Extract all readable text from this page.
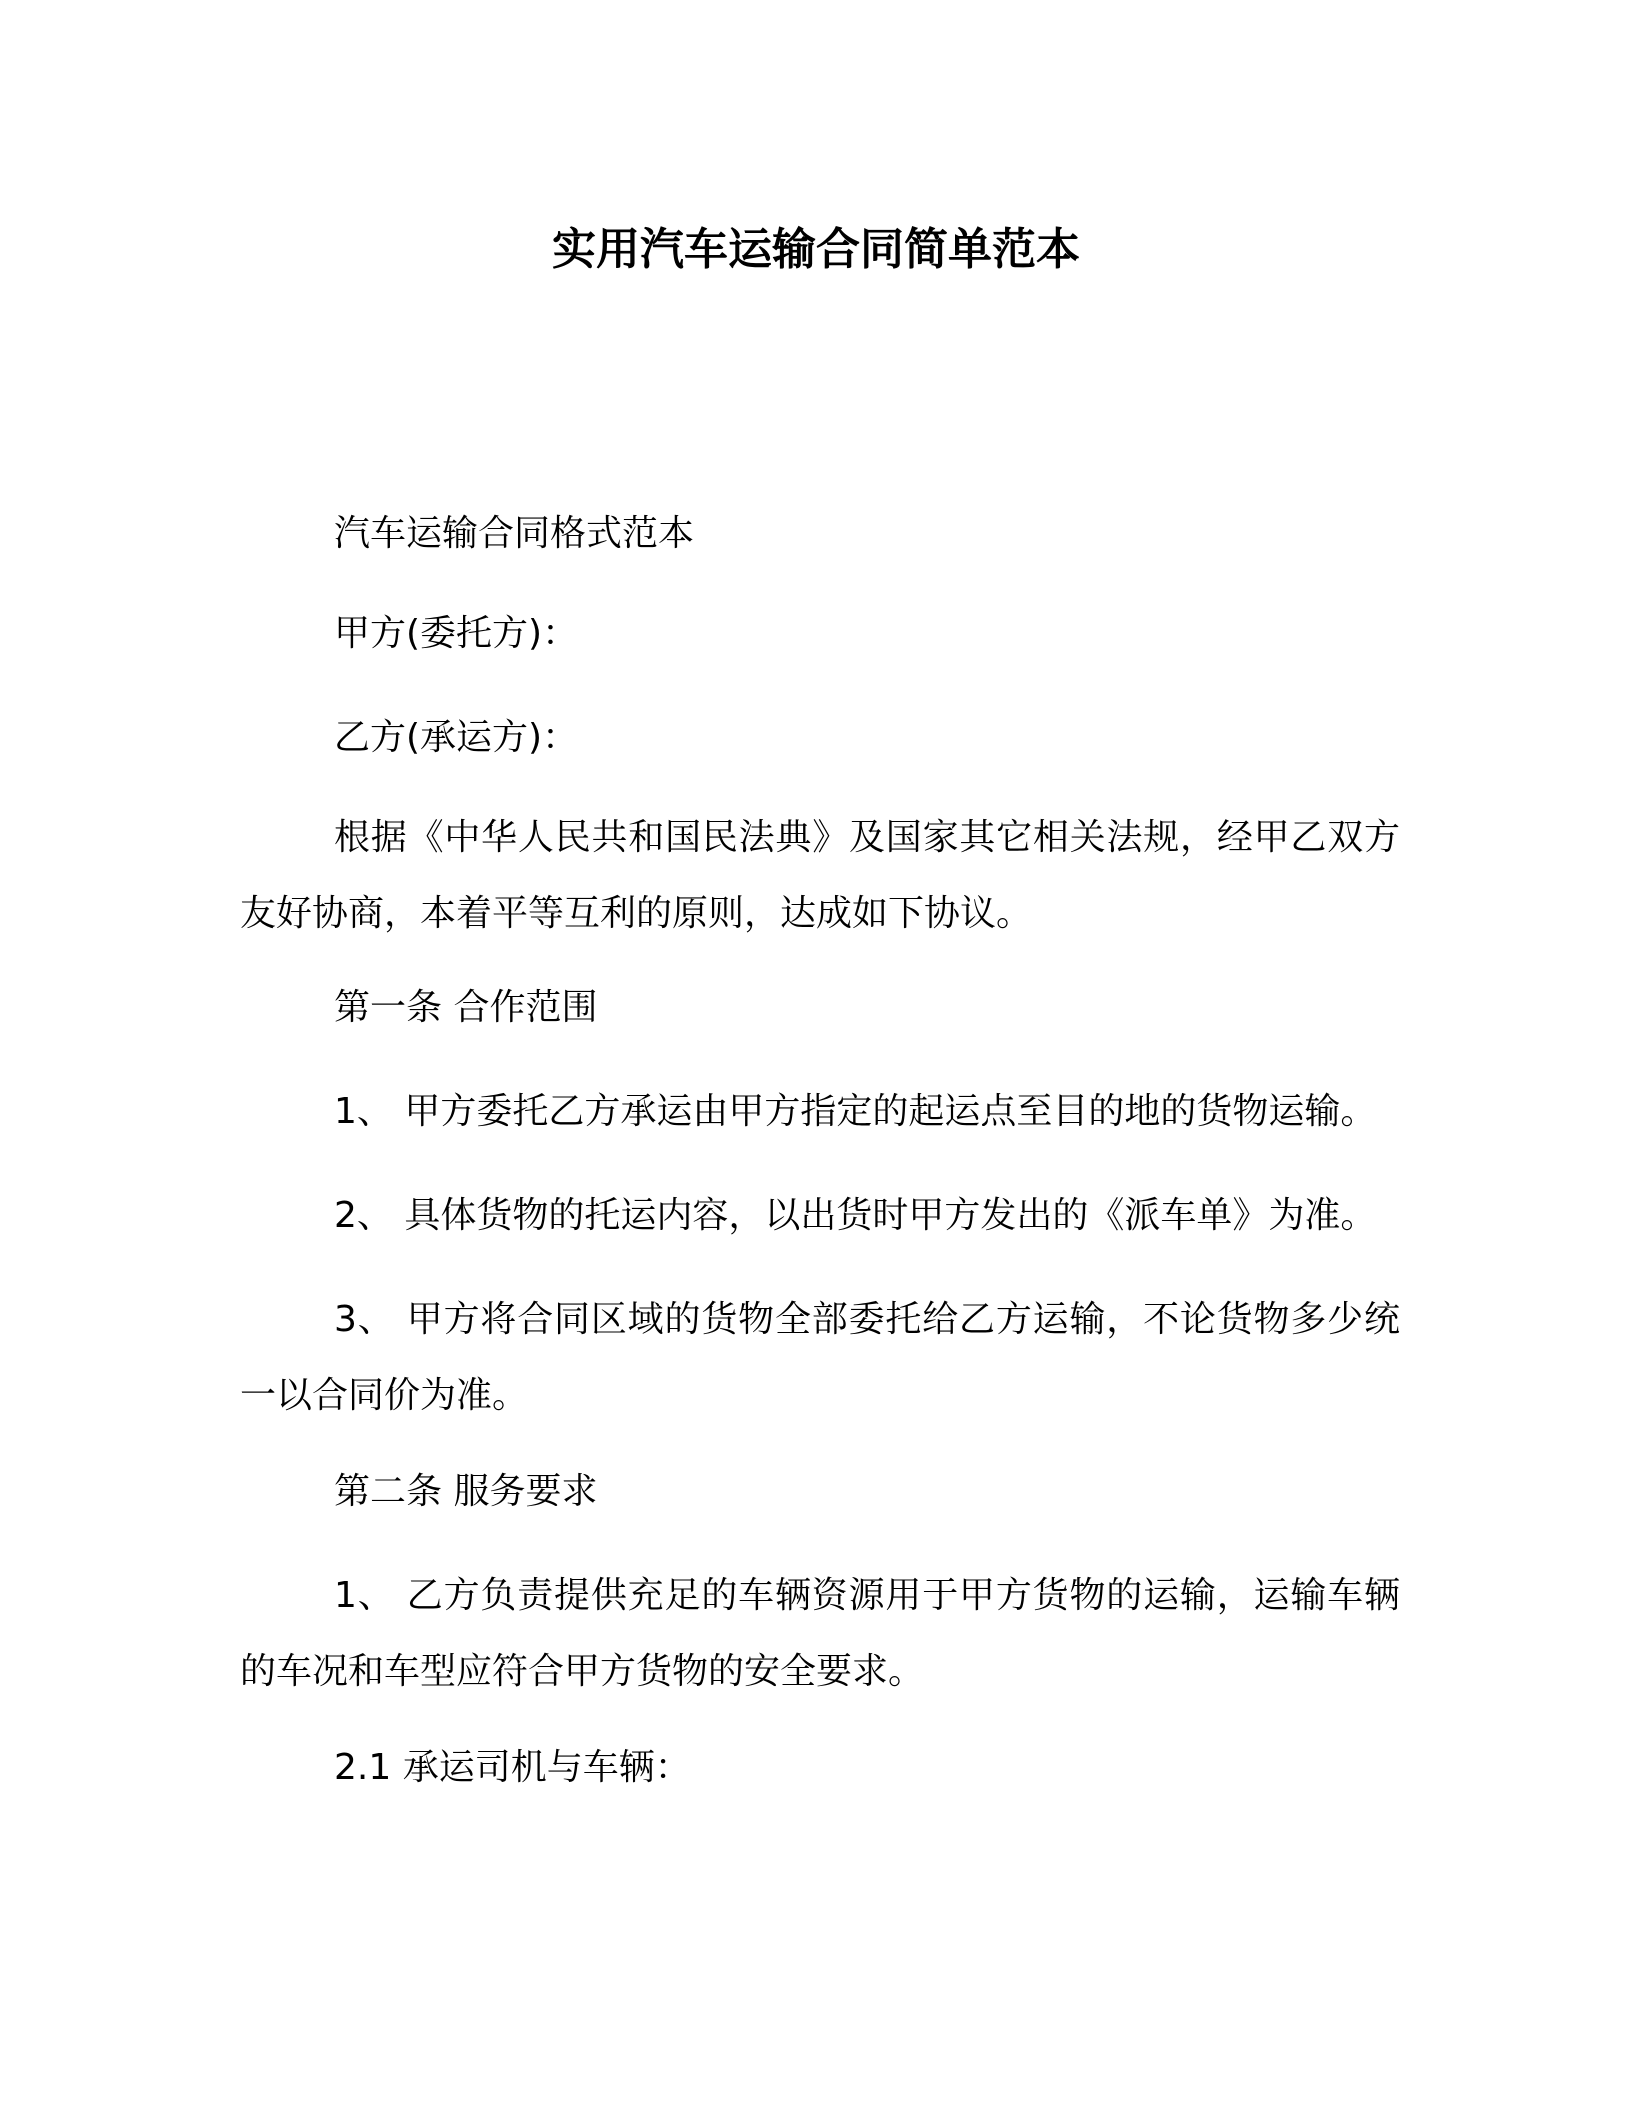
实用汽车运输合同简单范本

汽车运输合同格式范本

甲方(委托方)：

乙方(承运方)：

根据《中华人民共和国民法典》及国家其它相关法规，经甲乙双方友好协商，本着平等互利的原则，达成如下协议。

第一条 合作范围

1、 甲方委托乙方承运由甲方指定的起运点至目的地的货物运输。

2、 具体货物的托运内容，以出货时甲方发出的《派车单》为准。

3、 甲方将合同区域的货物全部委托给乙方运输，不论货物多少统一以合同价为准。

第二条 服务要求

1、 乙方负责提供充足的车辆资源用于甲方货物的运输，运输车辆的车况和车型应符合甲方货物的安全要求。

2.1 承运司机与车辆：
